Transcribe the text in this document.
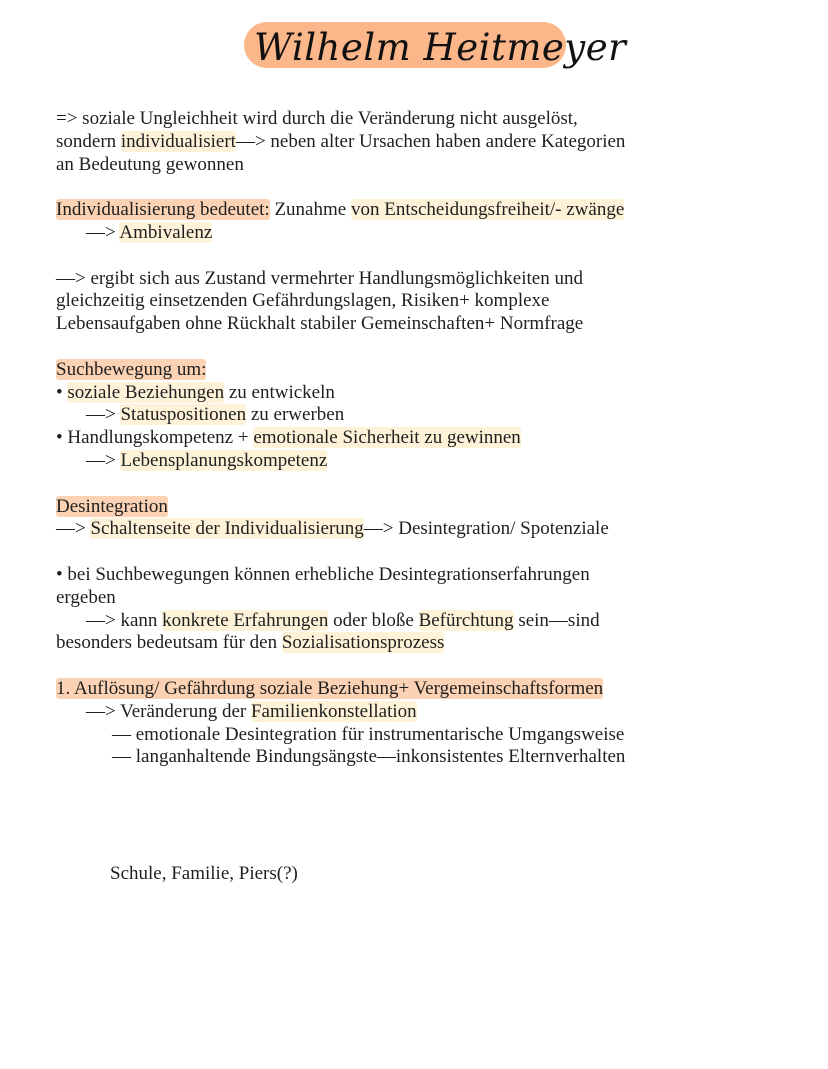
Wilhelm Heitmeyer
=> soziale Ungleichheit wird durch die Veränderung nicht ausgelöst,
sondern individualisiert—> neben alter Ursachen haben andere Kategorien
an Bedeutung gewonnen
Individualisierung bedeutet: Zunahme von Entscheidungsfreiheit/- zwänge
—> Ambivalenz
—> ergibt sich aus Zustand vermehrter Handlungsmöglichkeiten und
gleichzeitig einsetzenden Gefährdungslagen, Risiken+ komplexe
Lebensaufgaben ohne Rückhalt stabiler Gemeinschaften+ Normfrage
Suchbewegung um:
• soziale Beziehungen zu entwickeln
—> Statuspositionen zu erwerben
• Handlungskompetenz + emotionale Sicherheit zu gewinnen
—> Lebensplanungskompetenz
Desintegration
—> Schaltenseite der Individualisierung—> Desintegration/ Spotenziale
• bei Suchbewegungen können erhebliche Desintegrationserfahrungen
ergeben
—> kann konkrete Erfahrungen oder bloße Befürchtung sein—sind
besonders bedeutsam für den Sozialisationsprozess
1. Auflösung/ Gefährdung soziale Beziehung+ Vergemeinschaftsformen
—> Veränderung der Familienkonstellation
— emotionale Desintegration für instrumentarische Umgangsweise
— langanhaltende Bindungsängste—inkonsistentes Elternverhalten
Schule, Familie, Piers(?)
